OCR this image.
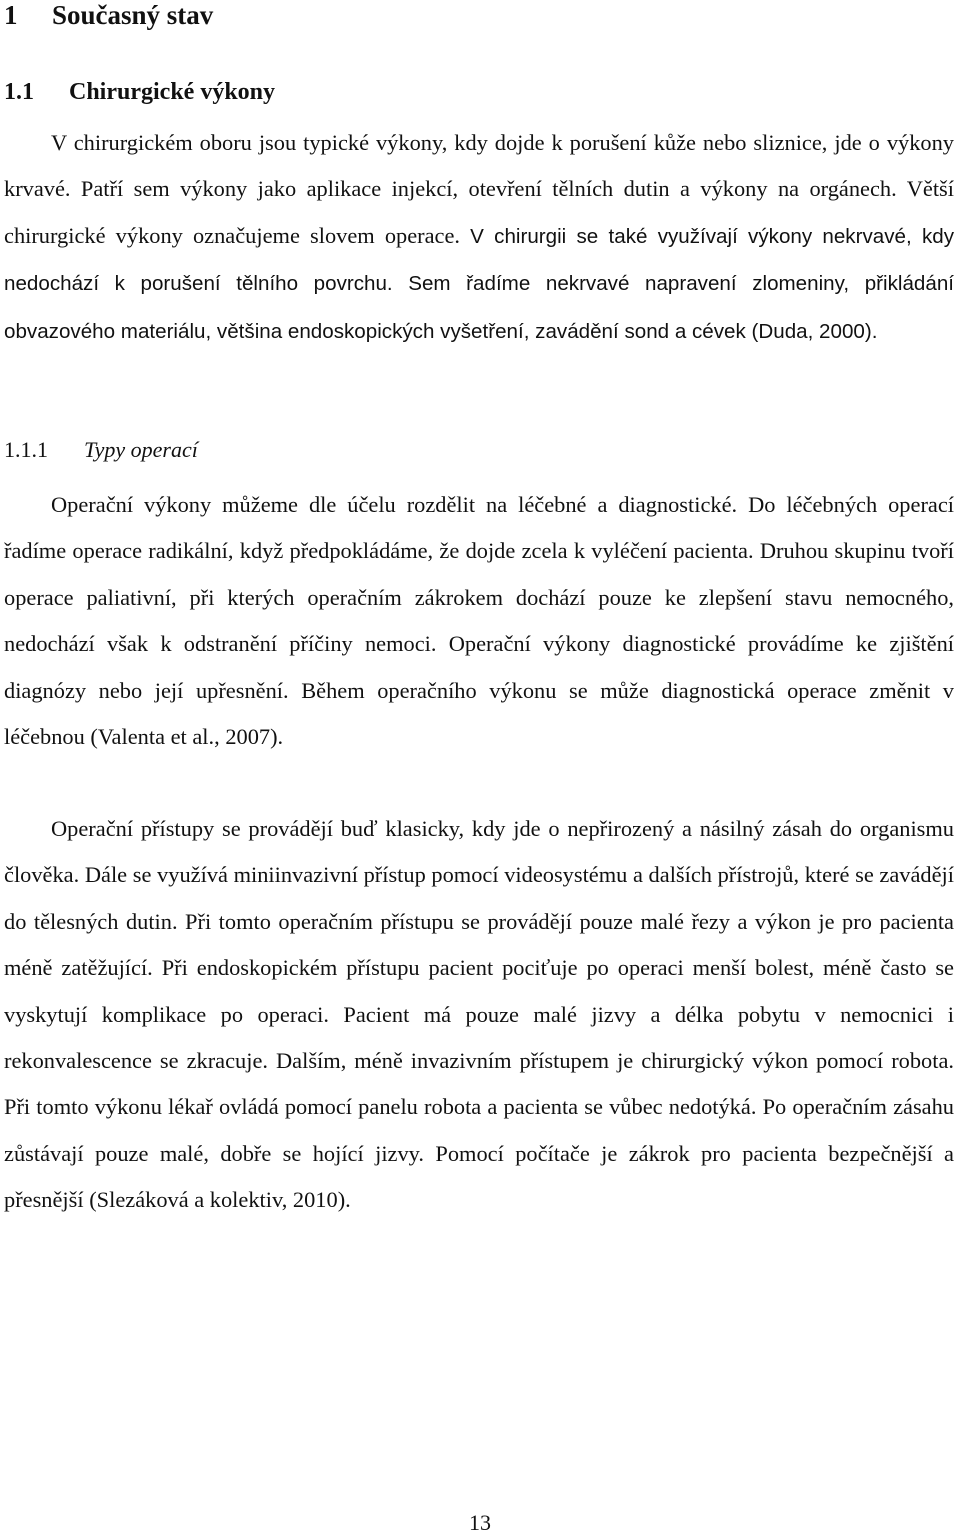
1 Současný stav
1.1 Chirurgické výkony

V chirurgickém oboru jsou typické výkony, kdy dojde k porušení kůže nebo sliznice, jde o výkony krvavé. Patří sem výkony jako aplikace injekcí, otevření tělních dutin a výkony na orgánech. Větší chirurgické výkony označujeme slovem operace. V chirurgii se také využívají výkony nekrvavé, kdy nedochází k porušení tělního povrchu. Sem řadíme nekrvavé napravení zlomeniny, přikládání obvazového materiálu, většina endoskopických vyšetření, zavádění sond a cévek (Duda, 2000).

1.1.1 Typy operací

Operační výkony můžeme dle účelu rozdělit na léčebné a diagnostické. Do léčebných operací řadíme operace radikální, když předpokládáme, že dojde zcela k vyléčení pacienta. Druhou skupinu tvoří operace paliativní, při kterých operačním zákrokem dochází pouze ke zlepšení stavu nemocného, nedochází však k odstranění příčiny nemoci. Operační výkony diagnostické provádíme ke zjištění diagnózy nebo její upřesnění. Během operačního výkonu se může diagnostická operace změnit v léčebnou (Valenta et al., 2007).

Operační přístupy se provádějí buď klasicky, kdy jde o nepřirozený a násilný zásah do organismu člověka. Dále se využívá miniinvazivní přístup pomocí videosystému a dalších přístrojů, které se zavádějí do tělesných dutin. Při tomto operačním přístupu se provádějí pouze malé řezy a výkon je pro pacienta méně zatěžující. Při endoskopickém přístupu pacient pociťuje po operaci menší bolest, méně často se vyskytují komplikace po operaci. Pacient má pouze malé jizvy a délka pobytu v nemocnici i rekonvalescence se zkracuje. Dalším, méně invazivním přístupem je chirurgický výkon pomocí robota. Při tomto výkonu lékař ovládá pomocí panelu robota a pacienta se vůbec nedotýká. Po operačním zásahu zůstávají pouze malé, dobře se hojící jizvy. Pomocí počítače je zákrok pro pacienta bezpečnější a přesnější (Slezáková a kolektiv, 2010).

13
